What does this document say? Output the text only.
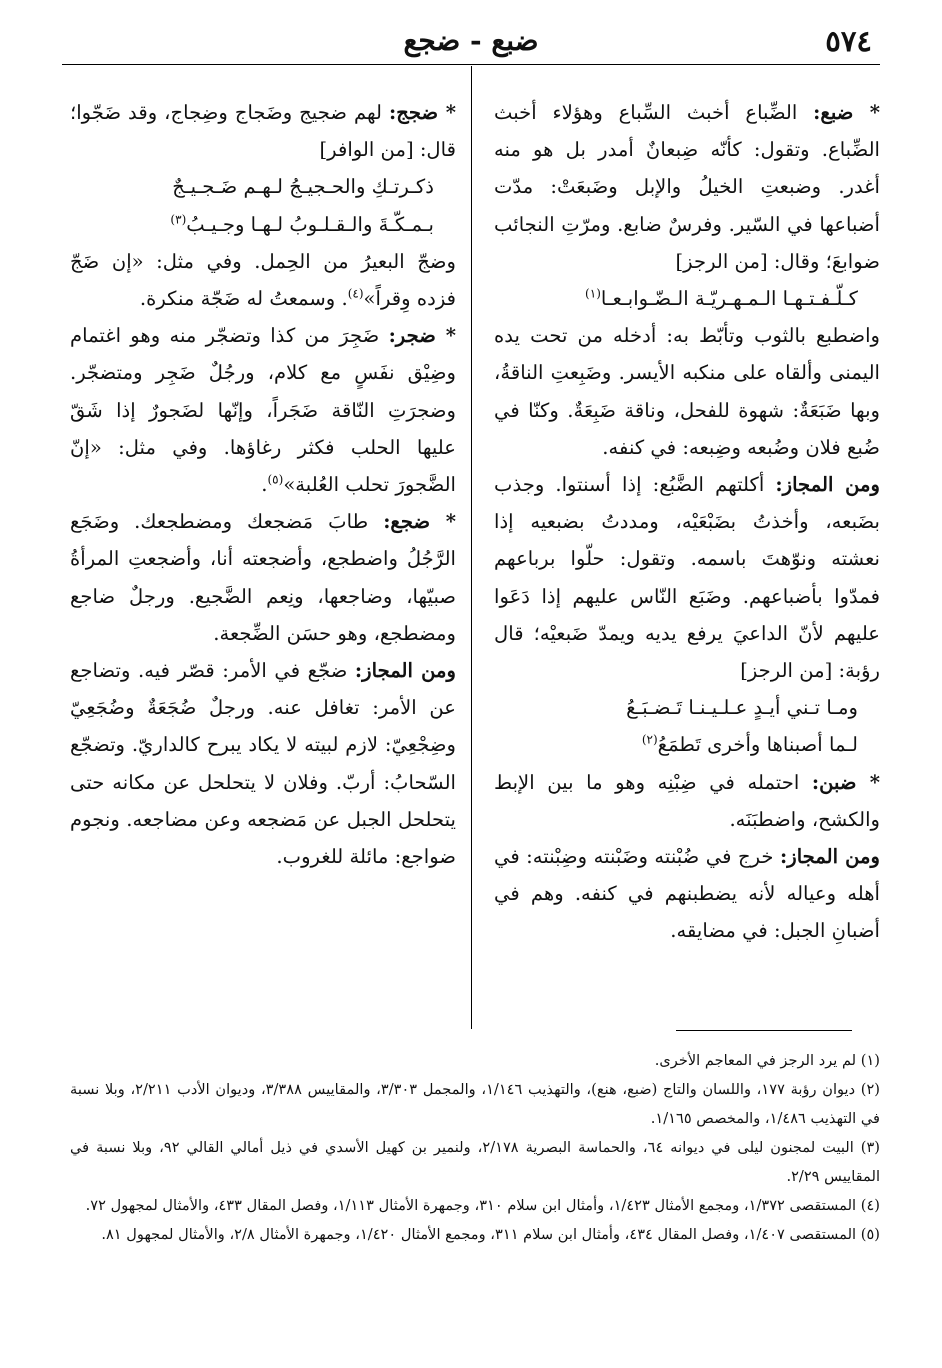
٥٧٤
ضبع - ضجع

* ضبع: الضِّباع أخبث السِّباع وهؤلاء أخبث الضِّباع. وتقول: كأنّه ضِبعانٌ أمدر بل هو منه أغدر. وضبعتِ الخيلُ والإبل وضَبعَتْ: مدّت أضباعها في السّير. وفرسٌ ضابع. ومرّتِ النجائب ضوابعَ؛ وقال: [من الرجز]

كـلّـفـتـهـا الـمـهـريّـة الـضّـوابـعـا$^{(١)}$

واضطبع بالثوب وتأبّط به: أدخله من تحت يده اليمنى وألقاه على منكبه الأيسر. وضَبِعتِ الناقةُ، وبها ضَبَعَةٌ: شهوة للفحل، وناقة ضَبِعَةٌ. وكنّا في ضُبع فلان وضُبعه وضِبعه: في كنفه.

ومن المجاز: أكلتهم الضَّبُع: إذا أسنتوا. وجذب بضَبعه، وأخذتُ بضَبْعَيْه، ومددتُ بضبعيه إذا نعشته ونوّهتَ باسمه. وتقول: حلّوا برباعهم فمدّوا بأضباعهم. وضَبَع النّاس عليهم إذا دَعَوا عليهم لأنّ الداعيَ يرفع يديه ويمدّ ضَبعيْه؛ قال رؤبة: [من الرجز]

ومـا تـني أيـدٍ عـلـيـنـا تَـضـبَـعُ

لـما أصبناها وأخرى تَطمَعُ$^{(٢)}$

* ضبن: احتمله في ضِبْنِه وهو ما بين الإبط والكشح، واضطبَنَه.

ومن المجاز: خرج في ضُبْنته وضَبْنته وضِبْنته: في أهله وعياله لأنه يضطبنهم في كنفه. وهم في أضبانِ الجبل: في مضايقه.

* ضجج: لهم ضجيج وضَجاج وضِجاج، وقد ضَجّوا؛ قال: [من الوافر]

ذكـرتـكِ والحـجيـجُ لـهـم ضَـجـيـجٌ

بـمـكّـةَ والـقـلـوبُ لـهـا وجـيـبُ$^{(٣)}$

وضجّ البعيرُ من الحِمل. وفي مثل: «إن ضَجّ فزده وِقراً»$^{(٤)}$. وسمعتُ له ضَجّة منكرة.

* ضجر: ضَجِرَ من كذا وتضجّر منه وهو اغتمام وضِيْق نفَسٍ مع كلام، ورجُلٌ ضَجِر ومتضجّر. وضجرَتِ النّاقة ضَجَراً، وإنّها لضَجورٌ إذا شَقّ عليها الحلب فكثر رغاؤها. وفي مثل: «إنّ الضَّجورَ تحلب العُلبة»$^{(٥)}$.

* ضجع: طابَ مَضجعك ومضطجعك. وضَجَع الرَّجُلُ واضطجع، وأضجعته أنا، وأضجعتِ المرأةُ صبيّها، وضاجعها، ونِعم الضَّجيع. ورجلٌ ضاجع ومضطجع، وهو حسَن الضِّجعة.

ومن المجاز: ضجّع في الأمر: قصّر فيه. وتضاجع عن الأمر: تغافل عنه. ورجلٌ ضُجَعَةٌ وضُجَعِيّ وضِجْعِيّ: لازم لبيته لا يكاد يبرح كالداريّ. وتضجّع السّحابُ: أربّ. وفلان لا يتحلحل عن مكانه حتى يتحلحل الجبل عن مَضجعه وعن مضاجعه. ونجوم ضواجع: مائلة للغروب.

(١) لم يرد الرجز في المعاجم الأخرى.

(٢) ديوان رؤبة ١٧٧، واللسان والتاج (ضبع، هنع)، والتهذيب ١/١٤٦، والمجمل ٣/٣٠٣، والمقاييس ٣/٣٨٨، وديوان الأدب ٢/٢١١، وبلا نسبة في التهذيب ١/٤٨٦، والمخصص ١/١٦٥.

(٣) البيت لمجنون ليلى في ديوانه ٦٤، والحماسة البصرية ٢/١٧٨، ولنمير بن كهيل الأسدي في ذيل أمالي القالي ٩٢، وبلا نسبة في المقاييس ٢/٢٩.

(٤) المستقصى ١/٣٧٢، ومجمع الأمثال ١/٤٢٣، وأمثال ابن سلام ٣١٠، وجمهرة الأمثال ١/١١٣، وفصل المقال ٤٣٣، والأمثال لمجهول ٧٢.

(٥) المستقصى ١/٤٠٧، وفصل المقال ٤٣٤، وأمثال ابن سلام ٣١١، ومجمع الأمثال ١/٤٢٠، وجمهرة الأمثال ٢/٨، والأمثال لمجهول ٨١.
